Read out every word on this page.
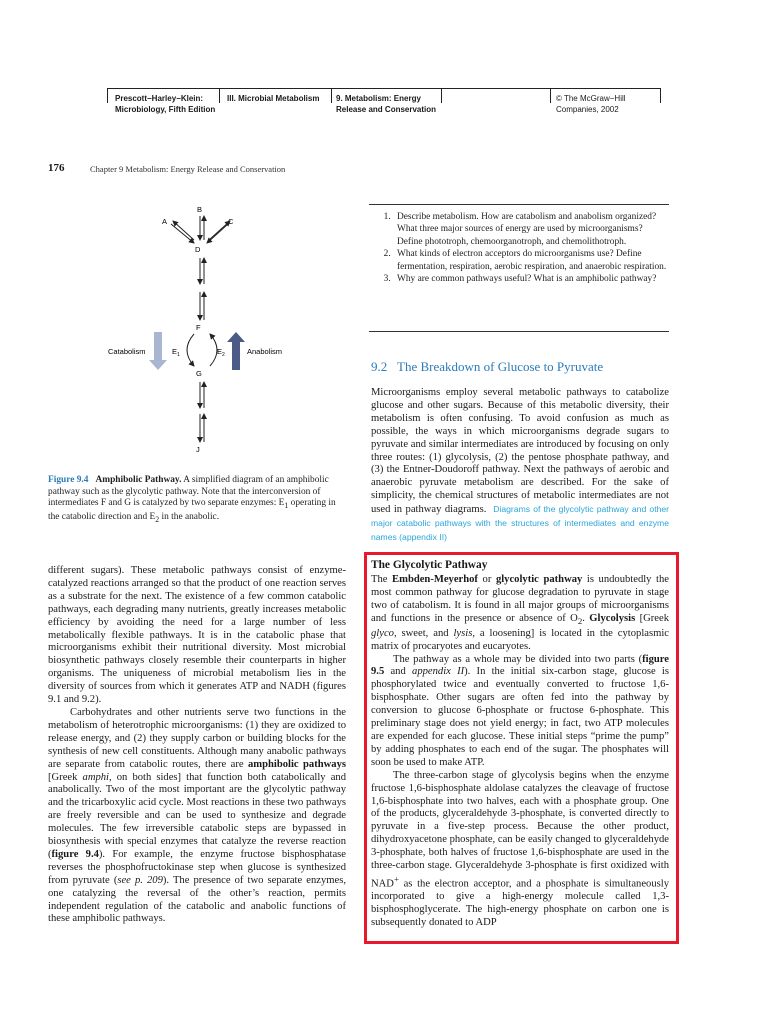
Prescott−Harley−Klein:
Microbiology, Fifth Edition
III. Microbial Metabolism 9. Metabolism: Energy
Release and Conservation
© The McGraw−Hill
Companies, 2002
176	Chapter 9 Metabolism: Energy Release and Conservation
B
A	C
D
F
G
J
$E_1$	$E_2$
Catabolism	Anabolism
Figure 9.4 Amphibolic Pathway. A simplified diagram of an amphibolic pathway such as the glycolytic pathway. Note that the interconversion of intermediates F and G is catalyzed by two separate enzymes: $E_1$ operating in the catabolic direction and $E_2$ in the anabolic.
1. Describe metabolism. How are catabolism and anabolism organized? What three major sources of energy are used by microorganisms? Define phototroph, chemoorganotroph, and chemolithotroph.
2. What kinds of electron acceptors do microorganisms use? Define fermentation, respiration, aerobic respiration, and anaerobic respiration.
3. Why are common pathways useful? What is an amphibolic pathway?
9.2 The Breakdown of Glucose to Pyruvate

Microorganisms employ several metabolic pathways to catabolize glucose and other sugars. Because of this metabolic diversity, their metabolism is often confusing. To avoid confusion as much as possible, the ways in which microorganisms degrade sugars to pyruvate and similar intermediates are introduced by focusing on only three routes: (1) glycolysis, (2) the pentose phosphate pathway, and (3) the Entner-Doudoroff pathway. Next the pathways of aerobic and anaerobic pyruvate metabolism are described. For the sake of simplicity, the chemical structures of metabolic intermediates are not used in pathway diagrams. Diagrams of the glycolytic pathway and other major catabolic pathways with the structures of intermediates and enzyme names (appendix II)

different sugars). These metabolic pathways consist of enzyme-catalyzed reactions arranged so that the product of one reaction serves as a substrate for the next. The existence of a few common catabolic pathways, each degrading many nutrients, greatly increases metabolic efficiency by avoiding the need for a large number of less metabolically flexible pathways. It is in the catabolic phase that microorganisms exhibit their nutritional diversity. Most microbial biosynthetic pathways closely resemble their counterparts in higher organisms. The uniqueness of microbial metabolism lies in the diversity of sources from which it generates ATP and NADH (figures 9.1 and 9.2).

Carbohydrates and other nutrients serve two functions in the metabolism of heterotrophic microorganisms: (1) they are oxidized to release energy, and (2) they supply carbon or building blocks for the synthesis of new cell constituents. Although many anabolic pathways are separate from catabolic routes, there are amphibolic pathways [Greek amphi, on both sides] that function both catabolically and anabolically. Two of the most important are the glycolytic pathway and the tricarboxylic acid cycle. Most reactions in these two pathways are freely reversible and can be used to synthesize and degrade molecules. The few irreversible catabolic steps are bypassed in biosynthesis with special enzymes that catalyze the reverse reaction (figure 9.4). For example, the enzyme fructose bisphosphatase reverses the phosphofructokinase step when glucose is synthesized from pyruvate (see p. 209). The presence of two separate enzymes, one catalyzing the reversal of the other’s reaction, permits independent regulation of the catabolic and anabolic functions of these amphibolic pathways.

The Glycolytic Pathway

The Embden-Meyerhof or glycolytic pathway is undoubtedly the most common pathway for glucose degradation to pyruvate in stage two of catabolism. It is found in all major groups of microorganisms and functions in the presence or absence of $O_2$. Glycolysis [Greek glyco, sweet, and lysis, a loosening] is located in the cytoplasmic matrix of procaryotes and eucaryotes.

The pathway as a whole may be divided into two parts (figure 9.5 and appendix II). In the initial six-carbon stage, glucose is phosphorylated twice and eventually converted to fructose 1,6-bisphosphate. Other sugars are often fed into the pathway by conversion to glucose 6-phosphate or fructose 6-phosphate. This preliminary stage does not yield energy; in fact, two ATP molecules are expended for each glucose. These initial steps “prime the pump” by adding phosphates to each end of the sugar. The phosphates will soon be used to make ATP.

The three-carbon stage of glycolysis begins when the enzyme fructose 1,6-bisphosphate aldolase catalyzes the cleavage of fructose 1,6-bisphosphate into two halves, each with a phosphate group. One of the products, glyceraldehyde 3-phosphate, is converted directly to pyruvate in a five-step process. Because the other product, dihydroxyacetone phosphate, can be easily changed to glyceraldehyde 3-phosphate, both halves of fructose 1,6-bisphosphate are used in the three-carbon stage. Glyceraldehyde 3-phosphate is first oxidized with NAD+ as the electron acceptor, and a phosphate is simultaneously incorporated to give a high-energy molecule called 1,3-bisphosphoglycerate. The high-energy phosphate on carbon one is subsequently donated to ADP
